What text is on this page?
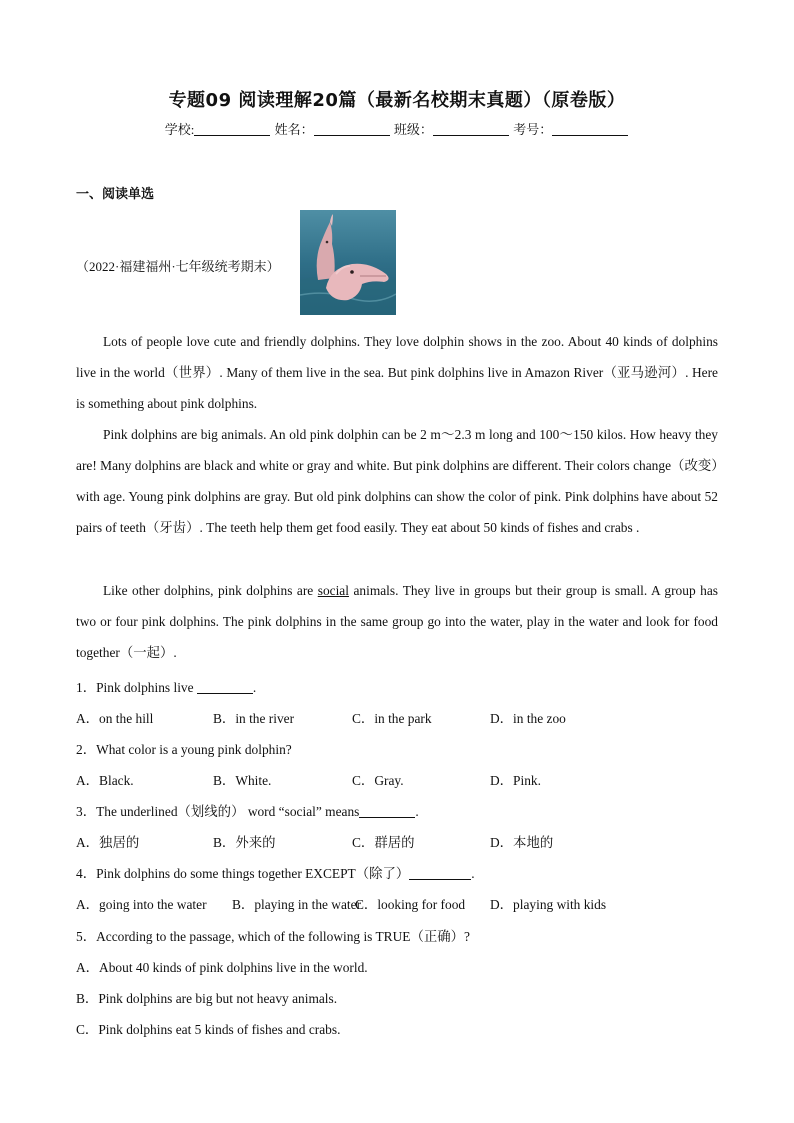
专题09 阅读理解20篇（最新名校期末真题）（原卷版）
学校:	姓名：	班级：	考号：
一、阅读单选
（2022·福建福州·七年级统考期末）
Lots of people love cute and friendly dolphins. They love dolphin shows in the zoo. About 40 kinds of dolphins live in the world（世界）. Many of them live in the sea. But pink dolphins live in Amazon River（亚马逊河）. Here is something about pink dolphins.
Pink dolphins are big animals. An old pink dolphin can be 2 m～2.3 m long and 100～150 kilos. How heavy they are! Many dolphins are black and white or gray and white. But pink dolphins are different. Their colors change（改变）with age. Young pink dolphins are gray. But old pink dolphins can show the color of pink. Pink dolphins have about 52 pairs of teeth（牙齿）. The teeth help them get food easily. They eat about 50 kinds of fishes and crabs .
Like other dolphins, pink dolphins are social animals. They live in groups but their group is small. A group has two or four pink dolphins. The pink dolphins in the same group go into the water, play in the water and look for food together（一起）.
1．Pink dolphins live	.
A．on the hill	B．in the river	C．in the park	D．in the zoo
2．What color is a young pink dolphin?
A．Black.	B．White.	C．Gray.	D．Pink.
3．The underlined（划线的） word “social” means	.
A．独居的	B．外来的	C．群居的	D．本地的
4．Pink dolphins do some things together EXCEPT（除了）	.
A．going into the water B．playing in the water
C．looking for food D．playing with kids
5．According to the passage, which of the following is TRUE（正确）?
A．About 40 kinds of pink dolphins live in the world.
B．Pink dolphins are big but not heavy animals.
C．Pink dolphins eat 5 kinds of fishes and crabs.
